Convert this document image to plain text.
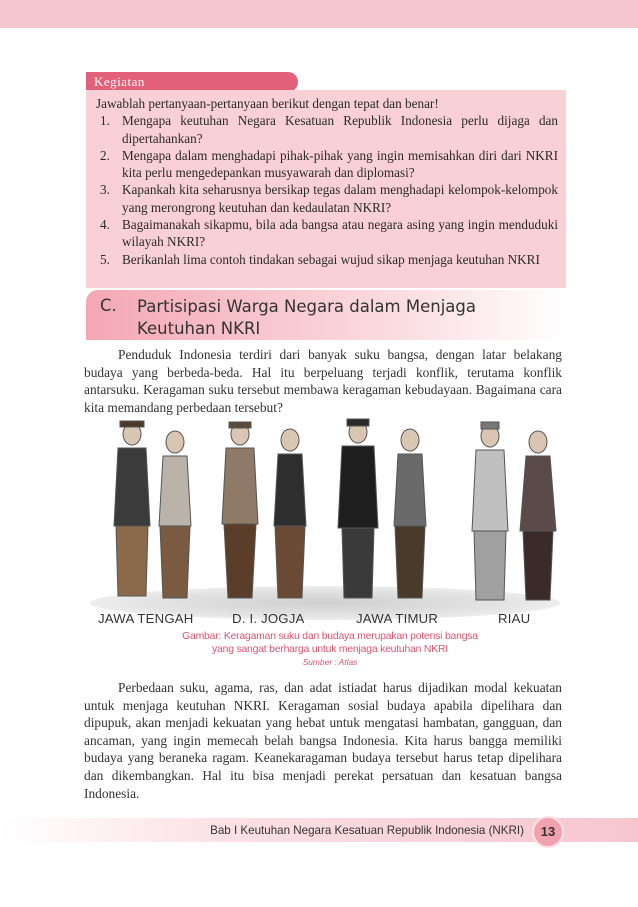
Kegiatan
Jawablah pertanyaan-pertanyaan berikut dengan tepat dan benar!
1. Mengapa keutuhan Negara Kesatuan Republik Indonesia perlu dijaga dan dipertahankan?
2. Mengapa dalam menghadapi pihak-pihak yang ingin memisahkan diri dari NKRI kita perlu mengedepankan musyawarah dan diplomasi?
3. Kapankah kita seharusnya bersikap tegas dalam menghadapi kelompok-kelompok yang merongrong keutuhan dan kedaulatan NKRI?
4. Bagaimanakah sikapmu, bila ada bangsa atau negara asing yang ingin menduduki wilayah NKRI?
5. Berikanlah lima contoh tindakan sebagai wujud sikap menjaga keutuhan NKRI
C. Partisipasi Warga Negara dalam Menjaga Keutuhan NKRI

Penduduk Indonesia terdiri dari banyak suku bangsa, dengan latar belakang budaya yang berbeda-beda. Hal itu berpeluang terjadi konflik, terutama konflik antarsuku. Keragaman suku tersebut membawa keragaman kebudayaan. Bagaimana cara kita memandang perbedaan tersebut?

JAWA TENGAH	D. I. JOGJA	JAWA TIMUR	RIAU
Gambar: Keragaman suku dan budaya merupakan potensi bangsa
yang sangat berharga untuk menjaga keutuhan NKRI
Sumber : Atlas

Perbedaan suku, agama, ras, dan adat istiadat harus dijadikan modal kekuatan untuk menjaga keutuhan NKRI. Keragaman sosial budaya apabila dipelihara dan dipupuk, akan menjadi kekuatan yang hebat untuk mengatasi hambatan, gangguan, dan ancaman, yang ingin memecah belah bangsa Indonesia. Kita harus bangga memiliki budaya yang beraneka ragam. Keanekaragaman budaya tersebut harus tetap dipelihara dan dikembangkan. Hal itu bisa menjadi perekat persatuan dan kesatuan bangsa Indonesia.

Bab I Keutuhan Negara Kesatuan Republik Indonesia (NKRI)	13
